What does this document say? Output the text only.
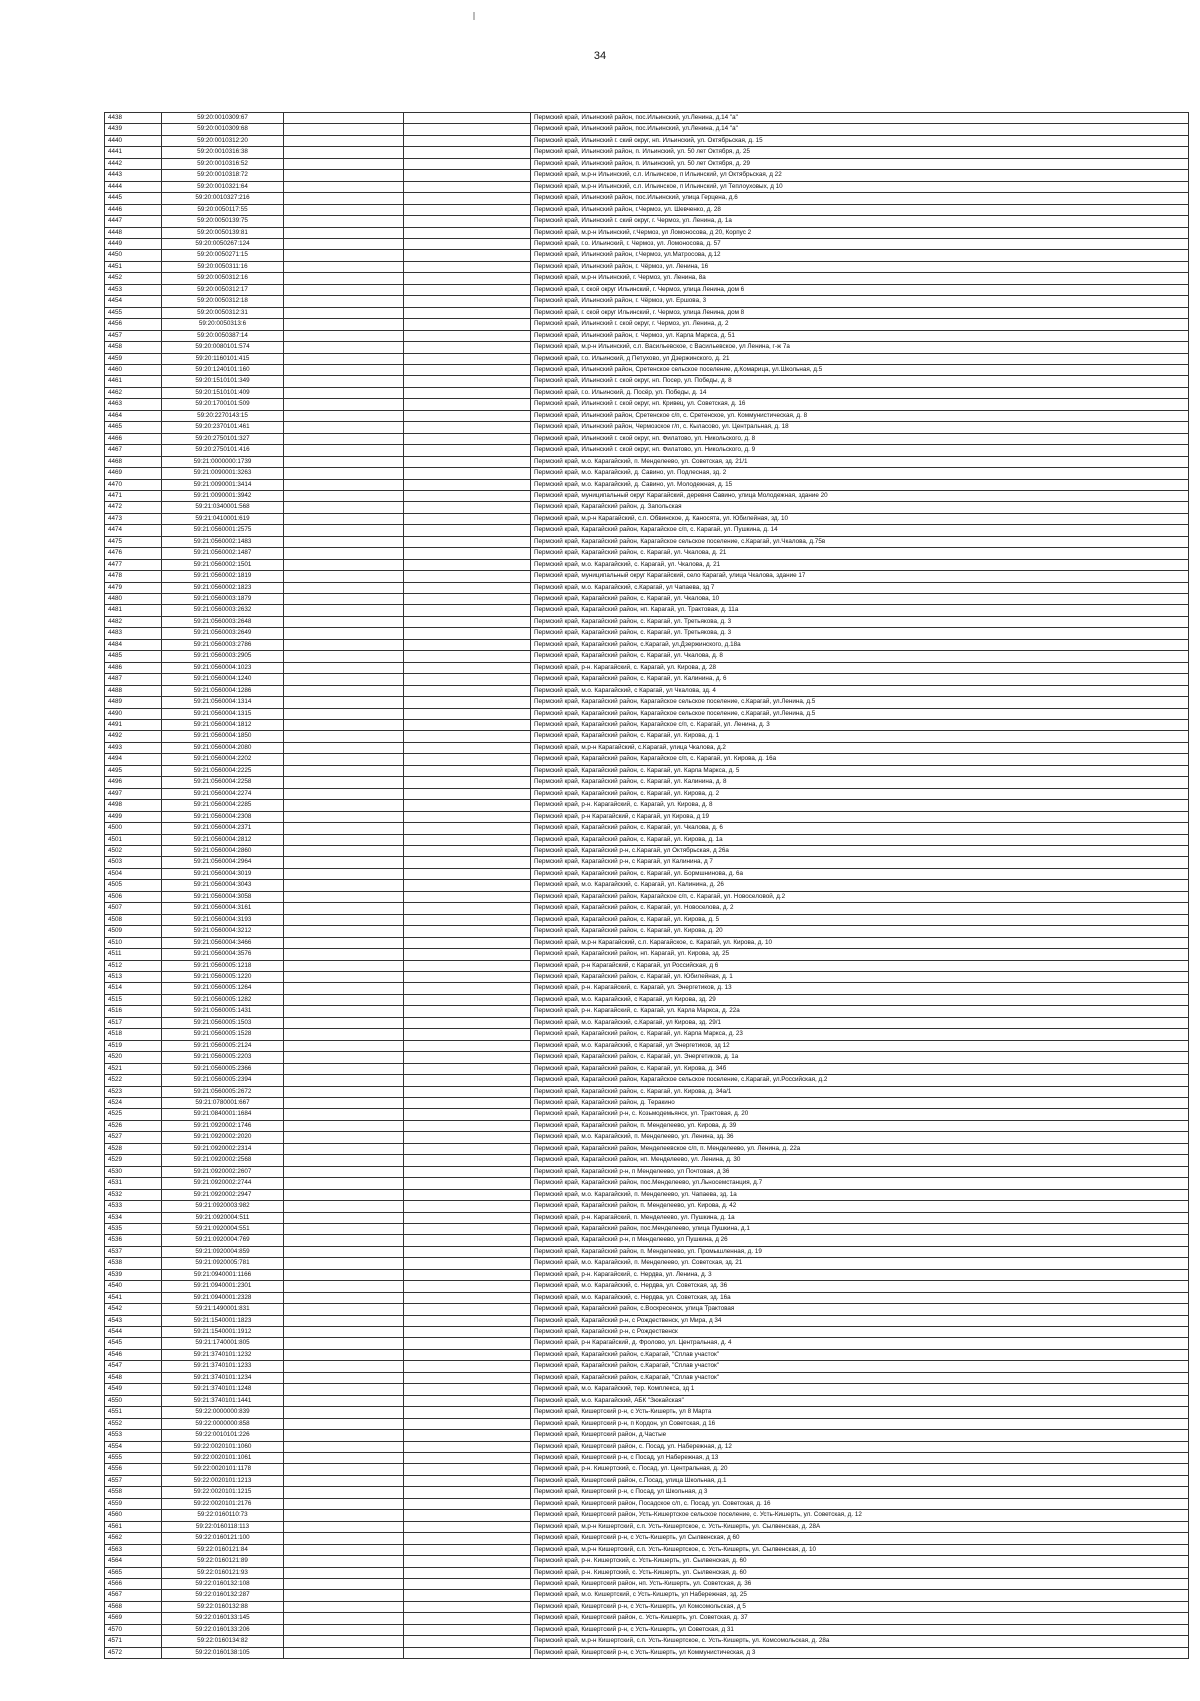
34
4438	59:20:0010309:67			Пермский край, Ильинский район, пос.Ильинский, ул.Ленина, д.14 "а"
4439	59:20:0010309:68			Пермский край, Ильинский район, пос.Ильинский, ул.Ленина, д.14 "а"
4440	59:20:0010312:20			Пермский край, Ильинский г. ский округ, нп. Ильинский, ул. Октябрьская, д. 15
4441	59:20:0010316:38			Пермский край, Ильинский район, п. Ильинский, ул. 50 лет Октября, д. 25
4442	59:20:0010316:52			Пермский край, Ильинский район, п. Ильинский, ул. 50 лет Октября, д. 29
4443	59:20:0010318:72			Пермский край, м.р-н Ильинский, с.п. Ильинское, п Ильинский, ул Октябрьская, д 22
4444	59:20:0010321:64			Пермский край, м.р-н Ильинский, с.п. Ильинское, п Ильинский, ул Теплоуховых, д 10
4445	59:20:0010327:216			Пермский край, Ильинский район, пос.Ильинский, улица Герцена, д.6
4446	59:20:0050117:55			Пермский край, Ильинский район, г.Чермоз, ул. Шевченко, д. 28
4447	59:20:0050139:75			Пермский край, Ильинский г. ский округ, г. Чермоз, ул. Ленина, д. 1а
4448	59:20:0050139:81			Пермский край, м.р-н Ильинский, г.Чермоз, ул Ломоносова, д 20, Корпус 2
4449	59:20:0050267:124			Пермский край, г.о. Ильинский, г. Чермоз, ул. Ломоносова, д. 57
4450	59:20:0050271:15			Пермский край, Ильинский район, г.Чермоз, ул.Матросова, д.12
4451	59:20:0050311:16			Пермский край, Ильинский район, г. Чёрмоз, ул. Ленина, 16
4452	59:20:0050312:16			Пермский край, м.р-н Ильинский, г. Чермоз, ул. Ленина, 8а
4453	59:20:0050312:17			Пермский край, г. ской округ Ильинский, г. Чермоз, улица Ленина, дом 6
4454	59:20:0050312:18			Пермский край, Ильинский район, г. Чёрмоз, ул. Ершова, 3
4455	59:20:0050312:31			Пермский край, г. ской округ Ильинский, г. Чермоз, улица Ленина, дом 8
4456	59:20:0050313:6			Пермский край, Ильинский г. ской округ, г. Чермоз, ул. Ленина, д. 2
4457	59:20:0050387:14			Пермский край, Ильинский район, г. Чермоз, ул. Карла Маркса, д. 51
4458	59:20:0080101:574			Пермский край, м.р-н Ильинский, с.п. Васильевское, с Васильевское, ул Ленина, г-ж 7а
4459	59:20:1160101:415			Пермский край, г.о. Ильинский, д Петухово, ул Дзержинского, д. 21
4460	59:20:1240101:160			Пермский край, Ильинский район, Сретенское сельское поселение, д.Комарица, ул.Школьная, д.5
4461	59:20:1510101:349			Пермский край, Ильинский г. ской округ, нп. Посер, ул. Победы, д. 8
4462	59:20:1510101:409			Пермский край, г.о. Ильинский, д. Посёр, ул. Победы, д. 14
4463	59:20:1700101:509			Пермский край, Ильинский г. ской округ, нп. Кривец, ул. Советская, д. 16
4464	59:20:2270143:15			Пермский край, Ильинский район, Сретенское с/п, с. Сретенское, ул. Коммунистическая, д. 8
4465	59:20:2370101:461			Пермский край, Ильинский район, Чермозское г/п, с. Кыласово, ул. Центральная, д. 18
4466	59:20:2750101:327			Пермский край, Ильинский г. ской округ, нп. Филатово, ул. Никольского, д. 8
4467	59:20:2750101:416			Пермский край, Ильинский г. ской округ, нп. Филатово, ул. Никольского, д. 9
4468	59:21:0000000:1739			Пермский край, м.о. Карагайский, п. Менделеево, ул. Советская, зд. 21/1
4469	59:21:0090001:3263			Пермский край, м.о. Карагайский, д. Савино, ул. Подлесная, зд. 2
4470	59:21:0090001:3414			Пермский край, м.о. Карагайский, д. Савино, ул. Молодежная, д. 15
4471	59:21:0090001:3942			Пермский край, муниципальный округ Карагайский, деревня Савино, улица Молодежная, здание 20
4472	59:21:0340001:568			Пермский край, Карагайский район, д. Запольская
4473	59:21:0410001:619			Пермский край, м.р-н Карагайский, с.п. Обвинское, д. Каносята, ул. Юбилейная, зд. 10
4474	59:21:0560001:2575			Пермский край, Карагайский район, Карагайское с/п, с. Карагай, ул. Пушкина, д. 14
4475	59:21:0560002:1483			Пермский край, Карагайский район, Карагайское сельское поселение, с.Карагай, ул.Чкалова, д.75в
4476	59:21:0560002:1487			Пермский край, Карагайский район, с. Карагай, ул. Чкалова, д. 21
4477	59:21:0560002:1501			Пермский край, м.о. Карагайский, с. Карагай, ул. Чкалова, д. 21
4478	59:21:0560002:1819			Пермский край, муниципальный округ Карагайский, село Карагай, улица Чкалова, здание 17
4479	59:21:0560002:1823			Пермский край, м.о. Карагайский, с.Карагай, ул Чапаева, зд 7
4480	59:21:0560003:1879			Пермский край, Карагайский район, с. Карагай, ул. Чкалова, 10
4481	59:21:0560003:2632			Пермский край, Карагайский район, нп. Карагай, ул. Трактовая, д. 11а
4482	59:21:0560003:2648			Пермский край, Карагайский район, с. Карагай, ул. Третьякова, д. 3
4483	59:21:0560003:2649			Пермский край, Карагайский район, с. Карагай, ул. Третьякова, д. 3
4484	59:21:0560003:2786			Пермский край, Карагайский район, с.Карагай, ул.Дзержинского, д.18а
4485	59:21:0560003:2905			Пермский край, Карагайский район, с. Карагай, ул. Чкалова, д. 8
4486	59:21:0560004:1023			Пермский край, р-н. Карагайский, с. Карагай, ул. Кирова, д. 28
4487	59:21:0560004:1240			Пермский край, Карагайский район, с. Карагай, ул. Калинина, д. 6
4488	59:21:0560004:1286			Пермский край, м.о. Карагайский, с Карагай, ул Чкалова, зд. 4
4489	59:21:0560004:1314			Пермский край, Карагайский район, Карагайское сельское поселение, с.Карагай, ул.Ленина, д.5
4490	59:21:0560004:1315			Пермский край, Карагайский район, Карагайское сельское поселение, с.Карагай, ул.Ленина, д.5
4491	59:21:0560004:1812			Пермский край, Карагайский район, Карагайское с/п, с. Карагай, ул. Ленина, д. 3
4492	59:21:0560004:1850			Пермский край, Карагайский район, с. Карагай, ул. Кирова, д. 1
4493	59:21:0560004:2080			Пермский край, м.р-н Карагайский, с.Карагай, улица Чкалова, д.2
4494	59:21:0560004:2202			Пермский край, Карагайский район, Карагайское с/п, с. Карагай, ул. Кирова, д. 16а
4495	59:21:0560004:2225			Пермский край, Карагайский район, с. Карагай, ул. Карла Маркса, д. 5
4496	59:21:0560004:2258			Пермский край, Карагайский район, с. Карагай, ул. Калинина, д. 8
4497	59:21:0560004:2274			Пермский край, Карагайский район, с. Карагай, ул. Кирова, д. 2
4498	59:21:0560004:2285			Пермский край, р-н. Карагайский, с. Карагай, ул. Кирова, д. 8
4499	59:21:0560004:2308			Пермский край, р-н Карагайский, с Карагай, ул Кирова, д 19
4500	59:21:0560004:2371			Пермский край, Карагайский район, с. Карагай, ул. Чкалова, д. 6
4501	59:21:0560004:2812			Пермский край, Карагайский район, с. Карагай, ул. Кирова, д. 1а
4502	59:21:0560004:2860			Пермский край, Карагайский р-н, с.Карагай, ул Октябрьская, д 26а
4503	59:21:0560004:2964			Пермский край, Карагайский р-н, с Карагай, ул Калинина, д 7
4504	59:21:0560004:3019			Пермский край, Карагайский район, с. Карагай, ул. Бормшнинова, д. 6а
4505	59:21:0560004:3043			Пермский край, м.о. Карагайский, с. Карагай, ул. Калинина, д. 26
4506	59:21:0560004:3058			Пермский край, Карагайский район, Карагайское с/п, с. Карагай, ул. Новоселовой, д.2
4507	59:21:0560004:3161			Пермский край, Карагайский район, с. Карагай, ул. Новоселова, д. 2
4508	59:21:0560004:3193			Пермский край, Карагайский район, с. Карагай, ул. Кирова, д. 5
4509	59:21:0560004:3212			Пермский край, Карагайский район, с. Карагай, ул. Кирова, д. 20
4510	59:21:0560004:3466			Пермский край, м.р-н Карагайский, с.п. Карагайское, с. Карагай, ул. Кирова, д. 10
4511	59:21:0560004:3576			Пермский край, Карагайский район, нп. Карагай, ул. Кирова, зд. 25
4512	59:21:0560005:1218			Пермский край, р-н Карагайский, с Карагай, ул Российская, д 6
4513	59:21:0560005:1220			Пермский край, Карагайский район, с. Карагай, ул. Юбилейная, д. 1
4514	59:21:0560005:1264			Пермский край, р-н. Карагайский, с. Карагай, ул. Энергетиков, д. 13
4515	59:21:0560005:1282			Пермский край, м.о. Карагайский, с Карагай, ул Кирова, зд. 29
4516	59:21:0560005:1431			Пермский край, р-н. Карагайский, с. Карагай, ул. Карла Маркса, д. 22а
4517	59:21:0560005:1503			Пермский край, м.о. Карагайский, с.Карагай, ул Кирова, зд. 29/1
4518	59:21:0560005:1528			Пермский край, Карагайский район, с. Карагай, ул. Карла Маркса, д. 23
4519	59:21:0560005:2124			Пермский край, м.о. Карагайский, с Карагай, ул Энергетиков, зд 12
4520	59:21:0560005:2203			Пермский край, Карагайский район, с. Карагай, ул. Энергетиков, д. 1а
4521	59:21:0560005:2366			Пермский край, Карагайский район, с. Карагай, ул. Кирова, д. 34б
4522	59:21:0560005:2394			Пермский край, Карагайский район, Карагайское сельское поселение, с.Карагай, ул.Российская, д.2
4523	59:21:0560005:2672			Пермский край, Карагайский район, с. Карагай, ул. Кирова, д. 34а/1
4524	59:21:0780001:667			Пермский край, Карагайский район, д. Теракино
4525	59:21:0840001:1684			Пермский край, Карагайский р-н, с. Козьмодемьянск, ул. Трактовая, д. 20
4526	59:21:0920002:1746			Пермский край, Карагайский район, п. Менделеево, ул. Кирова, д. 39
4527	59:21:0920002:2020			Пермский край, м.о. Карагайский, п. Менделеево, ул. Ленина, зд. 36
4528	59:21:0920002:2314			Пермский край, Карагайский район, Менделеевское с/п, п. Менделеево, ул. Ленина, д. 22а
4529	59:21:0920002:2568			Пермский край, Карагайский район, нп. Менделеево, ул. Ленина, д. 30
4530	59:21:0920002:2607			Пермский край, Карагайский р-н, п Менделеево, ул Почтовая, д 36
4531	59:21:0920002:2744			Пермский край, Карагайский район, пос.Менделеево, ул.Льносемстанция, д.7
4532	59:21:0920002:2947			Пермский край, м.о. Карагайский, п. Менделеево, ул. Чапаева, зд. 1а
4533	59:21:0920003:982			Пермский край, Карагайский район, п. Менделеево, ул. Кирова, д. 42
4534	59:21:0920004:511			Пермский край, р-н. Карагайский, п. Менделеево, ул. Пушкина, д. 1а
4535	59:21:0920004:551			Пермский край, Карагайский район, пос.Менделеево, улица Пушкина, д.1
4536	59:21:0920004:769			Пермский край, Карагайский р-н, п Менделеево, ул Пушкина, д 26
4537	59:21:0920004:859			Пермский край, Карагайский район, п. Менделеево, ул. Промышленная, д. 19
4538	59:21:0920005:781			Пермский край, м.о. Карагайский, п. Менделеево, ул. Советская, зд. 21
4539	59:21:0940001:1166			Пермский край, р-н. Карагайский, с. Нердва, ул. Ленина, д. 3
4540	59:21:0940001:2301			Пермский край, м.о. Карагайский, с. Нердва, ул. Советская, зд. 36
4541	59:21:0940001:2328			Пермский край, м.о. Карагайский, с. Нердва, ул. Советская, зд. 16а
4542	59:21:1490001:831			Пермский край, Карагайский район, с.Воскресенск, улица Трактовая
4543	59:21:1540001:1823			Пермский край, Карагайский р-н, с Рождественск, ул Мира, д 34
4544	59:21:1540001:1912			Пермский край, Карагайский р-н, с Рождественск
4545	59:21:1740001:805			Пермский край, р-н Карагайский, д. Фролово, ул. Центральная, д. 4
4546	59:21:3740101:1232			Пермский край, Карагайский район, с.Карагай, "Сплав участок"
4547	59:21:3740101:1233			Пермский край, Карагайский район, с.Карагай, "Сплав участок"
4548	59:21:3740101:1234			Пермский край, Карагайский район, с.Карагай, "Сплав участок"
4549	59:21:3740101:1248			Пермский край, м.о. Карагайский, тер. Комплекса, зд 1
4550	59:21:3740101:1441			Пермский край, м.о. Карагайский, АБК "Зюкайская"
4551	59:22:0000000:839			Пермский край, Кишертский р-н, с Усть-Кишерть, ул 8 Марта
4552	59:22:0000000:858			Пермский край, Кишертский р-н, п Кордон, ул Советская, д 16
4553	59:22:0010101:226			Пермский край, Кишертский район, д.Частые
4554	59:22:0020101:1060			Пермский край, Кишертский район, с. Посад, ул. Набережная, д. 12
4555	59:22:0020101:1061			Пермский край, Кишертский р-н, с Посад, ул Набережная, д 13
4556	59:22:0020101:1178			Пермский край, р-н. Кишертский, с. Посад, ул. Центральная, д. 20
4557	59:22:0020101:1213			Пермский край, Кишертский район, с.Посад, улица Школьная, д.1
4558	59:22:0020101:1215			Пермский край, Кишертский р-н, с Посад, ул Школьная, д 3
4559	59:22:0020101:2176			Пермский край, Кишертский район, Посадское с/п, с. Посад, ул. Советская, д. 16
4560	59:22:0160110:73			Пермский край, Кишертский район, Усть-Кишертское сельское поселение, с. Усть-Кишерть, ул. Советская, д. 12
4561	59:22:0160118:113			Пермский край, м.р-н Кишертский, с.п. Усть-Кишертское, с. Усть-Кишерть, ул. Сылвенская, д. 28А
4562	59:22:0160121:100			Пермский край, Кишертский р-н, с Усть-Кишерть, ул Сылвенская, д 60
4563	59:22:0160121:84			Пермский край, м.р-н Кишертский, с.п. Усть-Кишертское, с. Усть-Кишерть, ул. Сылвенская, д. 10
4564	59:22:0160121:89			Пермский край, р-н. Кишертский, с. Усть-Кишерть, ул. Сылвенская, д. 60
4565	59:22:0160121:93			Пермский край, р-н. Кишертский, с. Усть-Кишерть, ул. Сылвенская, д. 60
4566	59:22:0160132:108			Пермский край, Кишертский район, нп. Усть-Кишерть, ул. Советская, д. 36
4567	59:22:0160132:287			Пермский край, м.о. Кишертский, с Усть-Кишерть, ул Набережная, зд. 25
4568	59:22:0160132:88			Пермский край, Кишертский р-н, с Усть-Кишерть, ул Комсомольская, д 5
4569	59:22:0160133:145			Пермский край, Кишертский район, с. Усть-Кишерть, ул. Советская, д. 37
4570	59:22:0160133:206			Пермский край, Кишертский р-н, с Усть-Кишерть, ул Советская, д 31
4571	59:22:0160134:82			Пермский край, м.р-н Кишертский, с.п. Усть-Кишертское, с. Усть-Кишерть, ул. Комсомольская, д. 28а
4572	59:22:0160138:105			Пермский край, Кишертский р-н, с Усть-Кишерть, ул Коммунистическая, д 3
